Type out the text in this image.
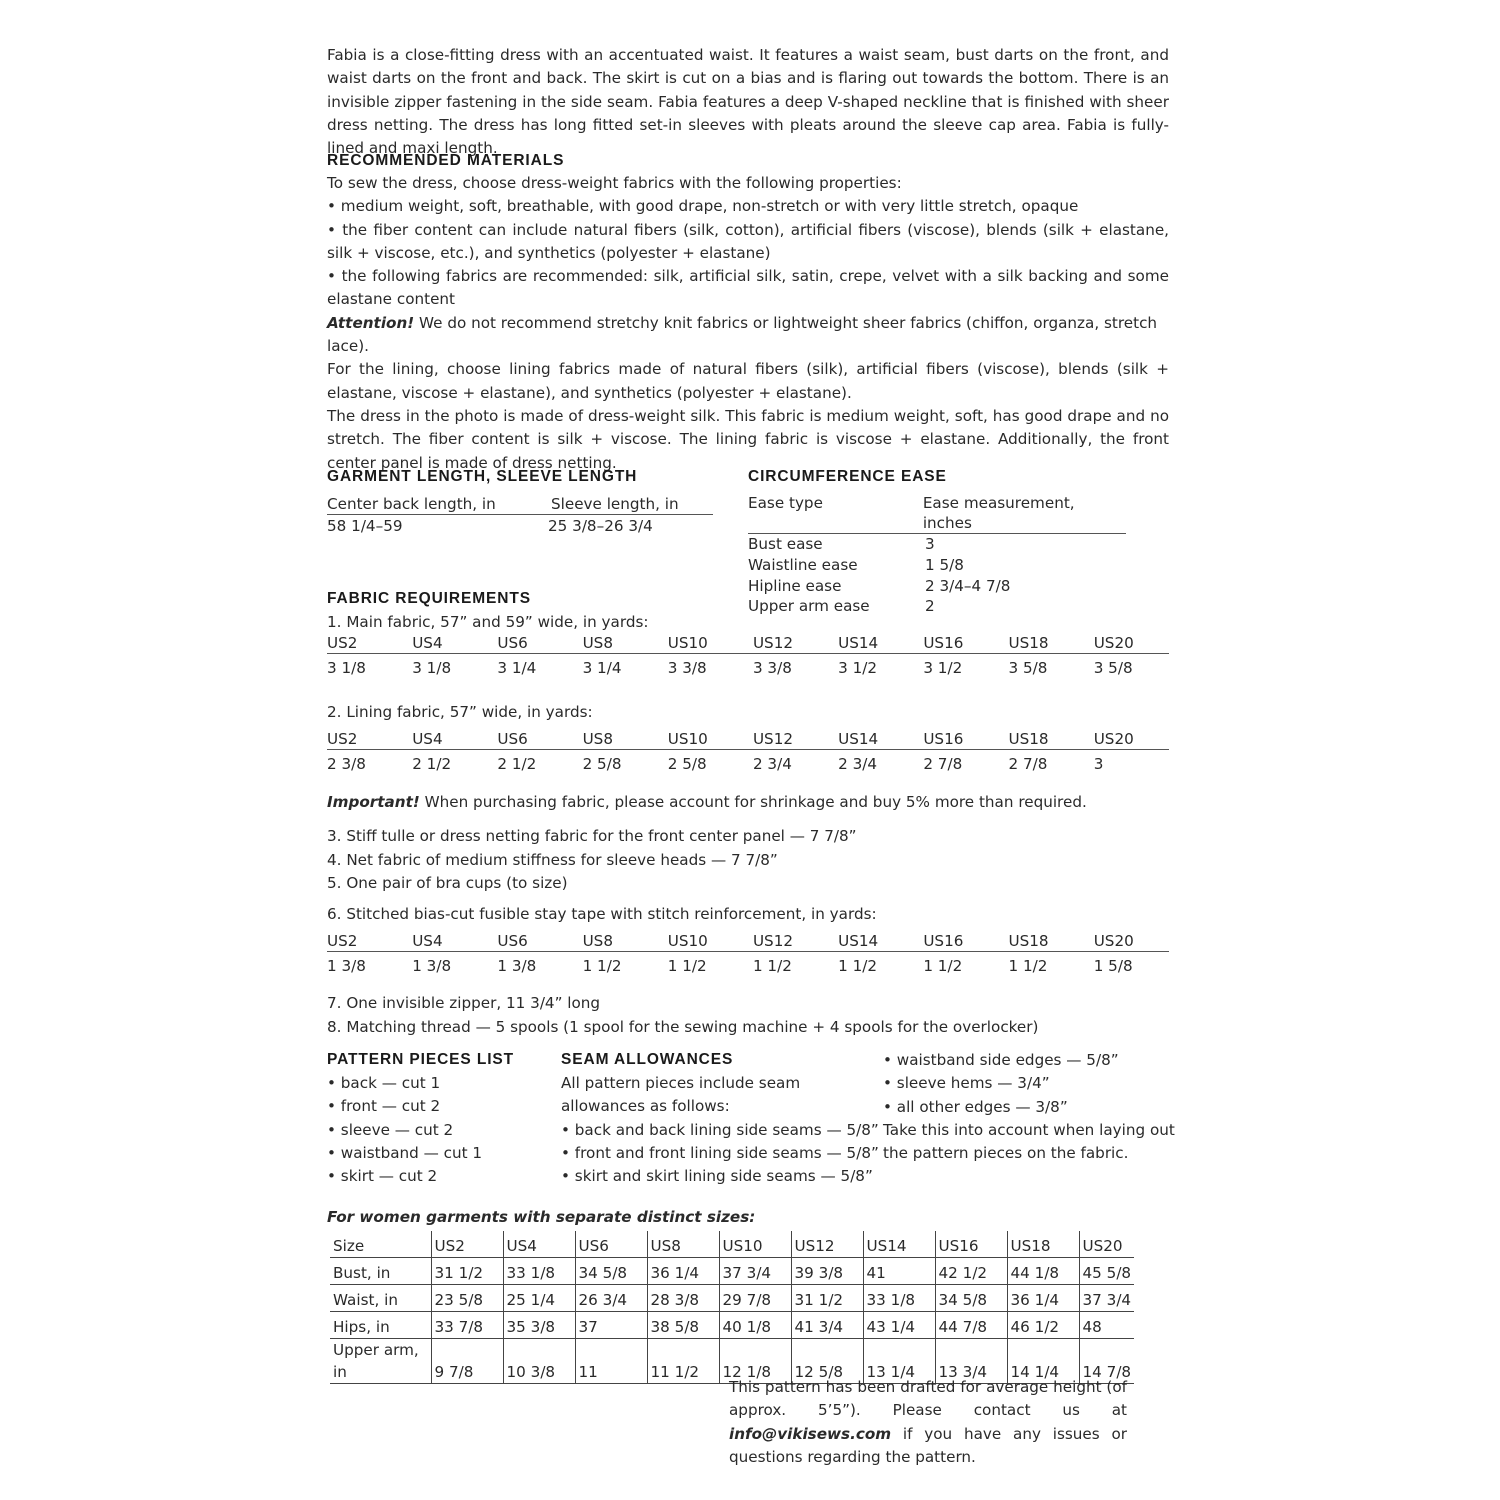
Fabia is a close-fitting dress with an accentuated waist. It features a waist seam, bust darts on the front, and waist darts on the front and back. The skirt is cut on a bias and is flaring out towards the bottom. There is an invisible zipper fastening in the side seam. Fabia features a deep V-shaped neckline that is finished with sheer dress netting. The dress has long fitted set-in sleeves with pleats around the sleeve cap area. Fabia is fully-lined and maxi length.

RECOMMENDED MATERIALS

To sew the dress, choose dress-weight fabrics with the following properties:

• medium weight, soft, breathable, with good drape, non-stretch or with very little stretch, opaque

• the fiber content can include natural fibers (silk, cotton), artificial fibers (viscose), blends (silk + elastane, silk + viscose, etc.), and synthetics (polyester + elastane)

• the following fabrics are recommended: silk, artificial silk, satin, crepe, velvet with a silk backing and some elastane content

Attention! We do not recommend stretchy knit fabrics or lightweight sheer fabrics (chiffon, organza, stretch lace).

For the lining, choose lining fabrics made of natural fibers (silk), artificial fibers (viscose), blends (silk + elastane, viscose + elastane), and synthetics (polyester + elastane).

The dress in the photo is made of dress-weight silk. This fabric is medium weight, soft, has good drape and no stretch. The fiber content is silk + viscose. The lining fabric is viscose + elastane. Additionally, the front center panel is made of dress netting.

GARMENT LENGTH, SLEEVE LENGTH

Center back length, in	Sleeve length, in
58 1/4–59	25 3/8–26 3/4

CIRCUMFERENCE EASE

Ease type	Ease measurement, inches
Bust ease	3
Waistline ease	1 5/8
Hipline ease	2 3/4–4 7/8
Upper arm ease	2

FABRIC REQUIREMENTS

1. Main fabric, 57” and 59” wide, in yards:

US2	US4	US6	US8	US10	US12	US14	US16	US18	US20
3 1/8	3 1/8	3 1/4	3 1/4	3 3/8	3 3/8	3 1/2	3 1/2	3 5/8	3 5/8

2. Lining fabric, 57” wide, in yards:

US2	US4	US6	US8	US10	US12	US14	US16	US18	US20
2 3/8	2 1/2	2 1/2	2 5/8	2 5/8	2 3/4	2 3/4	2 7/8	2 7/8	3

Important! When purchasing fabric, please account for shrinkage and buy 5% more than required.

3. Stiff tulle or dress netting fabric for the front center panel — 7 7/8”

4. Net fabric of medium stiffness for sleeve heads — 7 7/8”

5. One pair of bra cups (to size)

6. Stitched bias-cut fusible stay tape with stitch reinforcement, in yards:

US2	US4	US6	US8	US10	US12	US14	US16	US18	US20
1 3/8	1 3/8	1 3/8	1 1/2	1 1/2	1 1/2	1 1/2	1 1/2	1 1/2	1 5/8

7. One invisible zipper, 11 3/4” long

8. Matching thread — 5 spools (1 spool for the sewing machine + 4 spools for the overlocker)

PATTERN PIECES LIST

• back — cut 1

• front — cut 2

• sleeve — cut 2

• waistband — cut 1

• skirt — cut 2

SEAM ALLOWANCES

All pattern pieces include seam

allowances as follows:

• back and back lining side seams — 5/8”

• front and front lining side seams — 5/8”

• skirt and skirt lining side seams — 5/8”

• waistband side edges — 5/8”

• sleeve hems — 3/4”

• all other edges — 3/8”

Take this into account when laying out

the pattern pieces on the fabric.

For women garments with separate distinct sizes:

Size	US2	US4	US6	US8	US10	US12	US14	US16	US18	US20
Bust, in	31 1/2	33 1/8	34 5/8	36 1/4	37 3/4	39 3/8	41	42 1/2	44 1/8	45 5/8
Waist, in	23 5/8	25 1/4	26 3/4	28 3/8	29 7/8	31 1/2	33 1/8	34 5/8	36 1/4	37 3/4
Hips, in	33 7/8	35 3/8	37	38 5/8	40 1/8	41 3/4	43 1/4	44 7/8	46 1/2	48
Upper arm, in	9 7/8	10 3/8	11	11 1/2	12 1/8	12 5/8	13 1/4	13 3/4	14 1/4	14 7/8

This pattern has been drafted for average height (of approx. 5’5”). Please contact us at info@vikisews.com if you have any issues or questions regarding the pattern.
